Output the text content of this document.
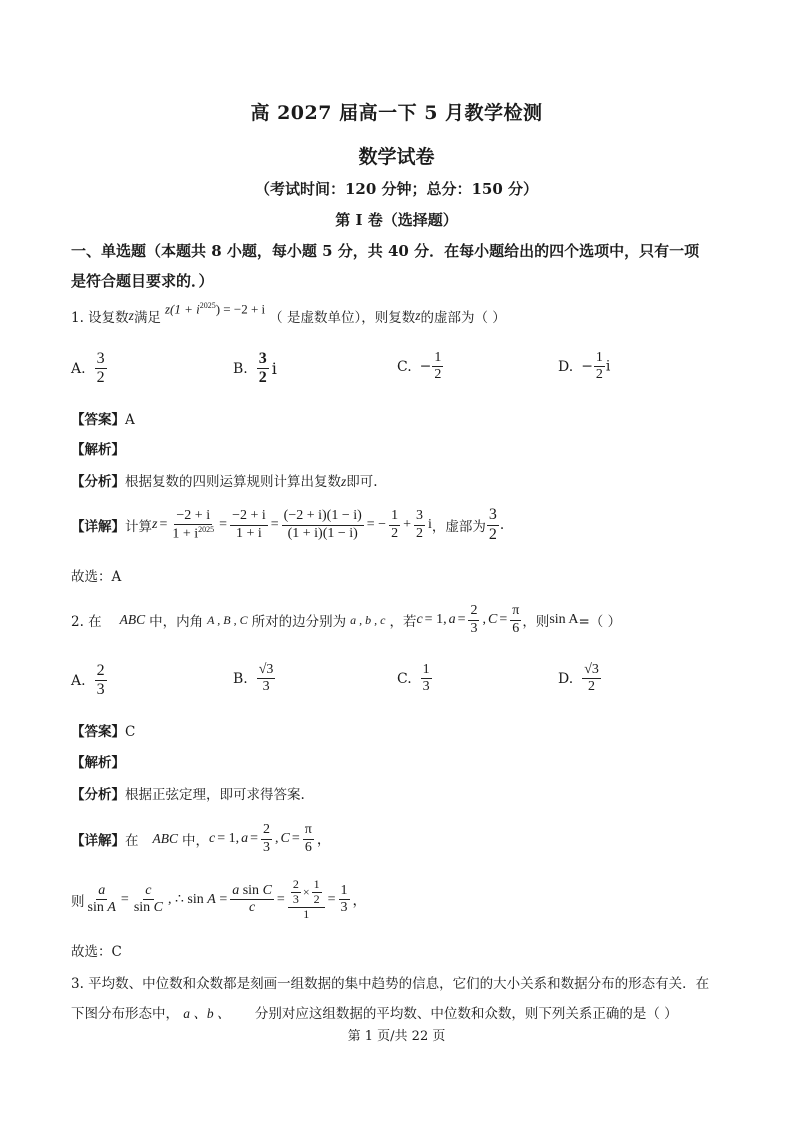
高 2027 届高一下 5 月教学检测
数学试卷
（考试时间：120 分钟；总分：150 分）
第 I 卷（选择题）
一、单选题（本题共 8 小题，每小题 5 分，共 40 分．在每小题给出的四个选项中，只有一项
是符合题目要求的．）
1. 设复数 z 满足
$z(1 + i^{2025}) = -2 + i$
（ 是虚数单位），则复数 z 的虚部为（ ）
A. $\frac{3}{2}$	B. $\frac{3}{2}$ i	C. − $\frac{1}{2}$	D. − $\frac{1}{2}$ i
【答案】A
【解析】
【分析】根据复数的四则运算规则计算出复数z即可.
【详解】 计算 $z = \frac{-2 + i}{1 + i^{2025}} = \frac{-2 + i}{1 + i} = \frac{(-2 + i)(1 - i)}{(1 + i)(1 - i)}$ = − $\frac{1}{2} + \frac{3}{2}$ i ，虚部为 $\frac{3}{2}$ .
故选：A
2. 在 ABC 中，内角 A , B , C 所对的边分别为 a , b , c ，若 c = 1, $a = \frac{2}{3}$ , $C = \frac{\pi}{6}$ ，则 sin A =（ ）
A. $\frac{2}{3}$	B. $\frac{√3}{3}$	C. $\frac{1}{3}$	D. $\frac{√3}{2}$
【答案】C
【解析】
【分析】根据正弦定理，即可求得答案.
【详解】 在 ABC 中， c = 1, $a = \frac{2}{3}$ , $C = \frac{\pi}{6}$ ，
则 $\frac{a}{\text{sin A}} = \frac{c}{\text{sin C}}$ , ∴ $\sin A = \frac{\text{a sin C}}{c} = \frac{\frac{2}{3} \times \frac{1}{2}}{1} = \frac{1}{3}$ ，
故选：C
3. 平均数、中位数和众数都是刻画一组数据的集中趋势的信息，它们的大小关系和数据分布的形态有关．在
下图分布形态中， a 、b 、 分别对应这组数据的平均数、中位数和众数，则下列关系正确的是（ ）
第 1 页/共 22 页
